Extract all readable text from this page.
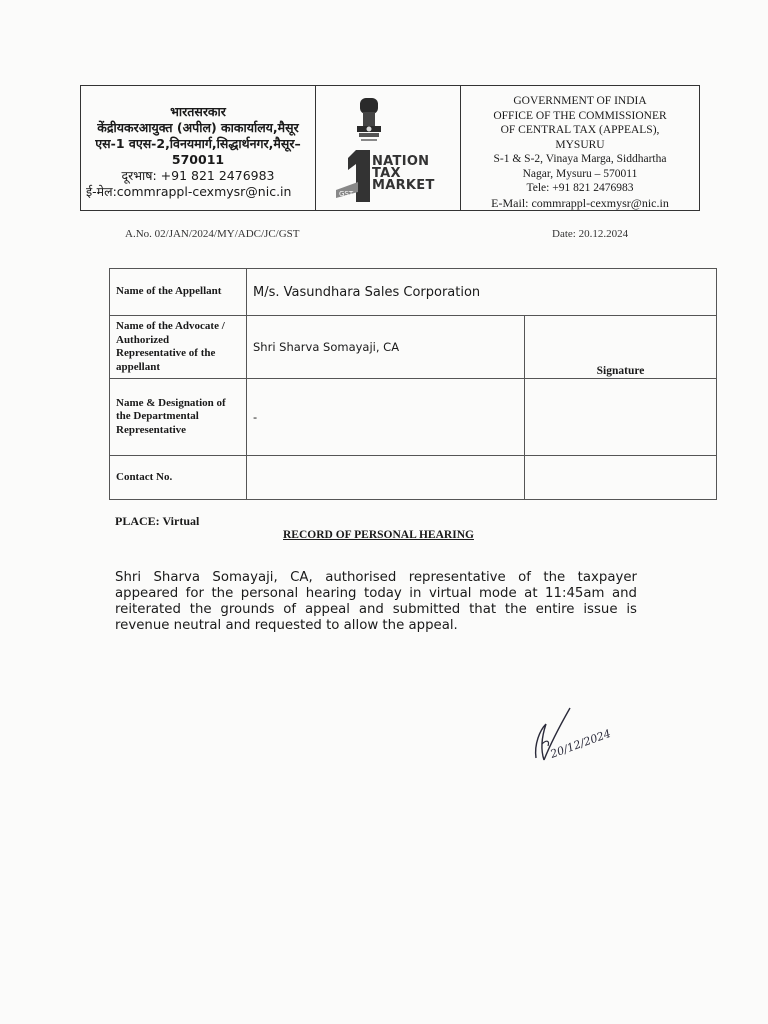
भारतसरकार
केंद्रीयकरआयुक्त (अपील) काकार्यालय,मैसूर
एस-1 वएस-2,विनयमार्ग,सिद्धार्थनगर,मैसूर–
570011
दूरभाष: +91 821 2476983
ई-मेल:commrappl-cexmysr@nic.in	GST
NATION
TAX
MARKET
GOVERNMENT OF INDIA
OFFICE OF THE COMMISSIONER
OF CENTRAL TAX (APPEALS),
MYSURU
S-1 & S-2, Vinaya Marga, Siddhartha
Nagar, Mysuru – 570011
Tele: +91 821 2476983
E-Mail: commrappl-cexmysr@nic.in
A.No. 02/JAN/2024/MY/ADC/JC/GST	Date: 20.12.2024
Name of the Appellant	M/s. Vasundhara Sales Corporation	
Name of the Advocate / Authorized Representative of the appellant	Shri Sharva Somayaji, CA	Signature
Name & Designation of the Departmental Representative	-	
Contact No.		
PLACE: Virtual
RECORD OF PERSONAL HEARING

Shri Sharva Somayaji, CA, authorised representative of the taxpayer appeared for the personal hearing today in virtual mode at 11:45am and reiterated the grounds of appeal and submitted that the entire issue is revenue neutral and requested to allow the appeal.

20/12/2024
